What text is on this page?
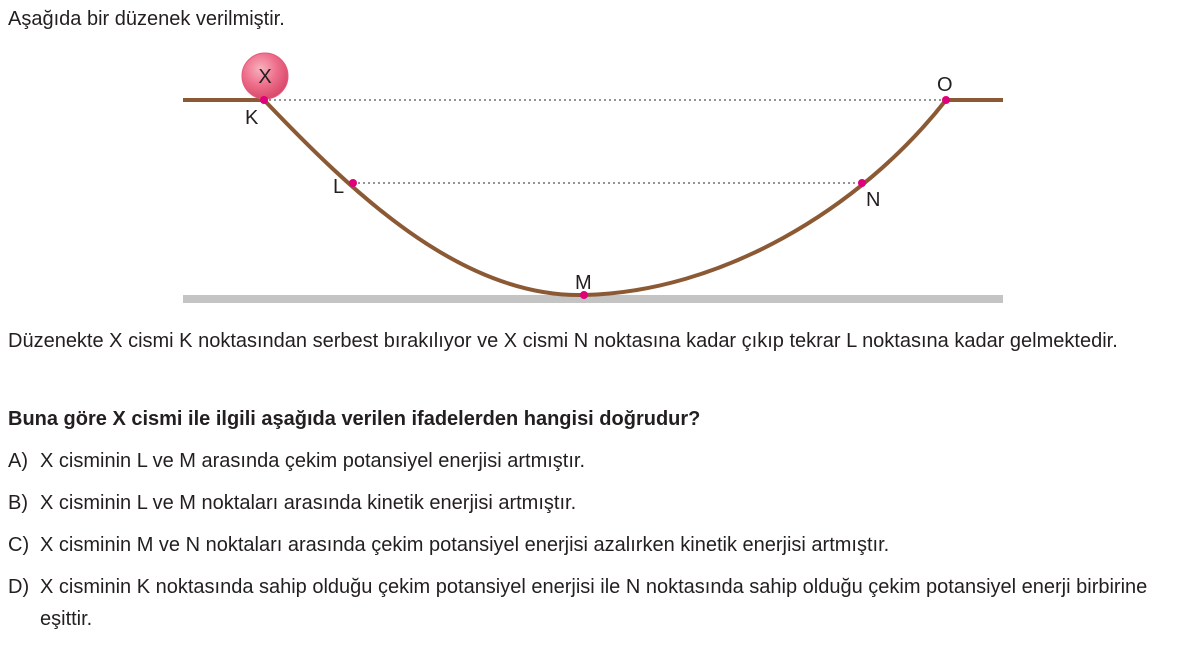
Aşağıda bir düzenek verilmiştir.

X
K
L
M
N
O

Düzenekte X cismi K noktasından serbest bırakılıyor ve X cismi N noktasına kadar çıkıp tekrar L noktasına kadar gelmektedir.

Buna göre X cismi ile ilgili aşağıda verilen ifadelerden hangisi doğrudur?

A) X cisminin L ve M arasında çekim potansiyel enerjisi artmıştır.
B) X cisminin L ve M noktaları arasında kinetik enerjisi artmıştır.
C) X cisminin M ve N noktaları arasında çekim potansiyel enerjisi azalırken kinetik enerjisi artmıştır.
D) X cisminin K noktasında sahip olduğu çekim potansiyel enerjisi ile N noktasında sahip olduğu çekim potansiyel enerji birbirine eşittir.
